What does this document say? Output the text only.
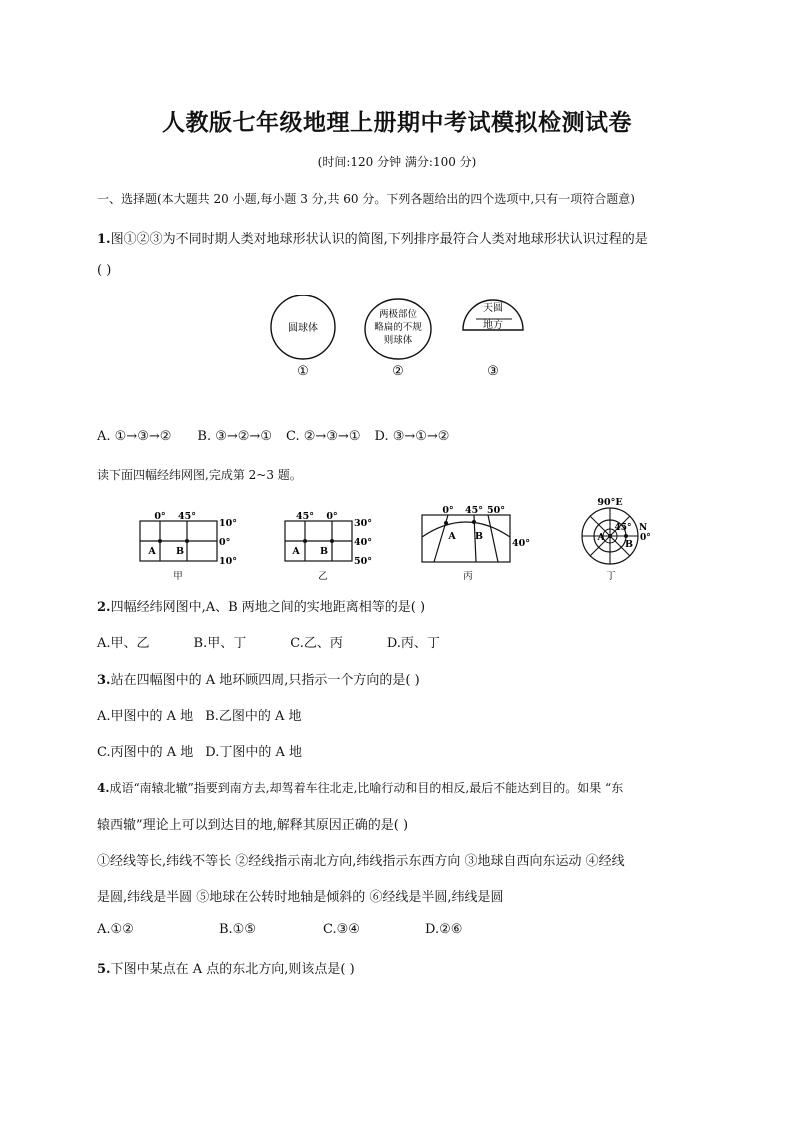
人教版七年级地理上册期中考试模拟检测试卷
(时间:120 分钟 满分:100 分)
一、选择题(本大题共 20 小题,每小题 3 分,共 60 分。下列各题给出的四个选项中,只有一项符合题意)
1.图①②③为不同时期人类对地球形状认识的简图,下列排序最符合人类对地球形状认识过程的是
( )
圆球体
两极部位
略扁的不规
则球体
天圆
地方
①	②	③
A. ①→③→② B. ③→②→① C. ②→③→① D. ③→①→②
读下面四幅经纬网图,完成第 2~3 题。
0° 45°
10°
0°
10°
A B
甲
45° 0°
30°
40°
50°
A B
乙
0° 45° 50°
40°
A B
丙
90°E
45° N
0°
A
B
丁
2.四幅经纬网图中,A、B 两地之间的实地距离相等的是( )
A.甲、乙	B.甲、丁	C.乙、丙	D.丙、丁
3.站在四幅图中的 A 地环顾四周,只指示一个方向的是( )
A.甲图中的 A 地 B.乙图中的 A 地
C.丙图中的 A 地 D.丁图中的 A 地
4.成语“南辕北辙”指要到南方去,却驾着车往北走,比喻行动和目的相反,最后不能达到目的。如果 “东
辕西辙”理论上可以到达目的地,解释其原因正确的是( )
①经线等长,纬线不等长 ②经线指示南北方向,纬线指示东西方向 ③地球自西向东运动 ④经线
是圆,纬线是半圆 ⑤地球在公转时地轴是倾斜的 ⑥经线是半圆,纬线是圆
A.①②	B.①⑤	C.③④	D.②⑥
5.下图中某点在 A 点的东北方向,则该点是( )
